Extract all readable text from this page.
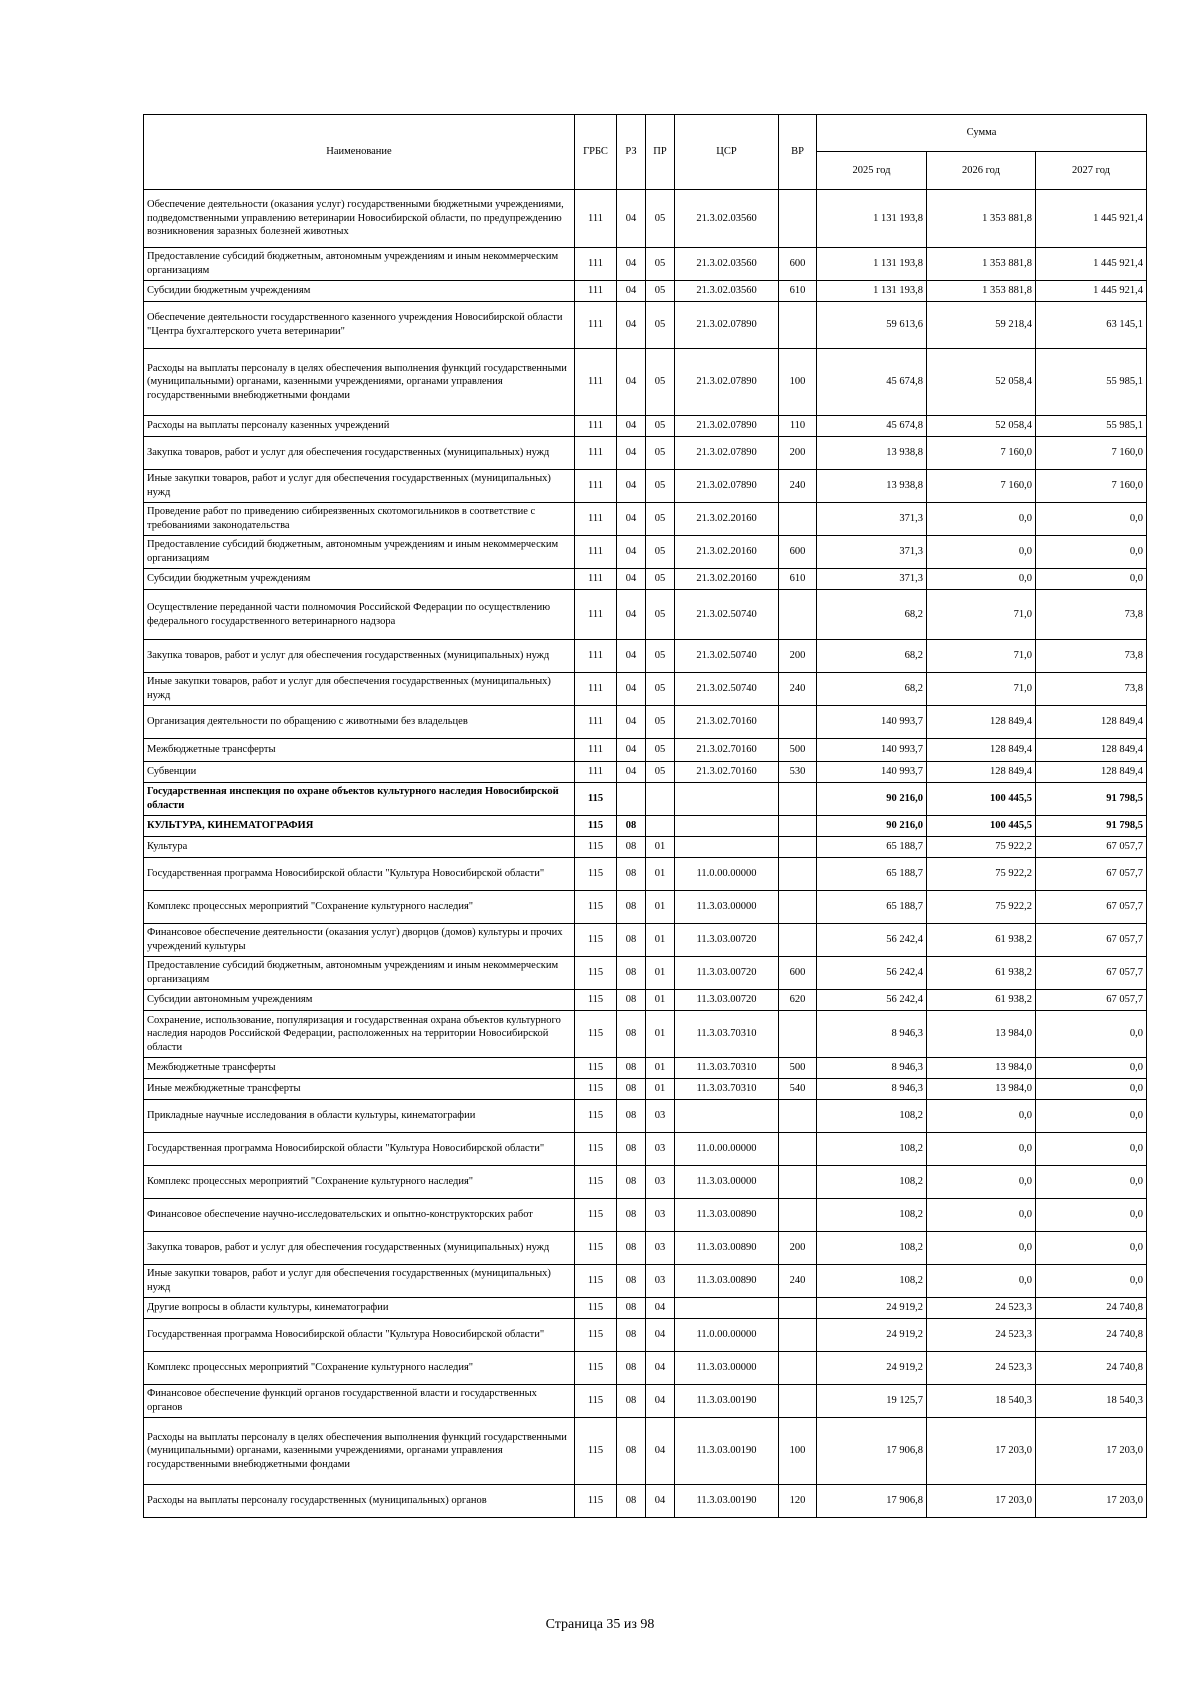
Наименование	ГРБС	РЗ	ПР	ЦСР	ВР	Сумма		
						2025 год	2026 год	2027 год
Обеспечение деятельности (оказания услуг) государственными бюджетными учреждениями, подведомственными управлению ветеринарии Новосибирской области, по предупреждению возникновения заразных болезней животных	111	04	05	21.3.02.03560		1 131 193,8	1 353 881,8	1 445 921,4
Предоставление субсидий бюджетным, автономным учреждениям и иным некоммерческим организациям	111	04	05	21.3.02.03560	600	1 131 193,8	1 353 881,8	1 445 921,4
Субсидии бюджетным учреждениям	111	04	05	21.3.02.03560	610	1 131 193,8	1 353 881,8	1 445 921,4
Обеспечение деятельности государственного казенного учреждения Новосибирской области "Центра бухгалтерского учета ветеринарии"	111	04	05	21.3.02.07890		59 613,6	59 218,4	63 145,1
Расходы на выплаты персоналу в целях обеспечения выполнения функций государственными (муниципальными) органами, казенными учреждениями, органами управления государственными внебюджетными фондами	111	04	05	21.3.02.07890	100	45 674,8	52 058,4	55 985,1
Расходы на выплаты персоналу казенных учреждений	111	04	05	21.3.02.07890	110	45 674,8	52 058,4	55 985,1
Закупка товаров, работ и услуг для обеспечения государственных (муниципальных) нужд	111	04	05	21.3.02.07890	200	13 938,8	7 160,0	7 160,0
Иные закупки товаров, работ и услуг для обеспечения государственных (муниципальных) нужд	111	04	05	21.3.02.07890	240	13 938,8	7 160,0	7 160,0
Проведение работ по приведению сибиреязвенных скотомогильников в соответствие с требованиями законодательства	111	04	05	21.3.02.20160		371,3	0,0	0,0
Предоставление субсидий бюджетным, автономным учреждениям и иным некоммерческим организациям	111	04	05	21.3.02.20160	600	371,3	0,0	0,0
Субсидии бюджетным учреждениям	111	04	05	21.3.02.20160	610	371,3	0,0	0,0
Осуществление переданной части полномочия Российской Федерации по осуществлению федерального государственного ветеринарного надзора	111	04	05	21.3.02.50740		68,2	71,0	73,8
Закупка товаров, работ и услуг для обеспечения государственных (муниципальных) нужд	111	04	05	21.3.02.50740	200	68,2	71,0	73,8
Иные закупки товаров, работ и услуг для обеспечения государственных (муниципальных) нужд	111	04	05	21.3.02.50740	240	68,2	71,0	73,8
Организация деятельности по обращению с животными без владельцев	111	04	05	21.3.02.70160		140 993,7	128 849,4	128 849,4
Межбюджетные трансферты	111	04	05	21.3.02.70160	500	140 993,7	128 849,4	128 849,4
Субвенции	111	04	05	21.3.02.70160	530	140 993,7	128 849,4	128 849,4
Государственная инспекция по охране объектов культурного наследия Новосибирской области	115					90 216,0	100 445,5	91 798,5
КУЛЬТУРА, КИНЕМАТОГРАФИЯ	115	08				90 216,0	100 445,5	91 798,5
Культура	115	08	01			65 188,7	75 922,2	67 057,7
Государственная программа Новосибирской области "Культура Новосибирской области"	115	08	01	11.0.00.00000		65 188,7	75 922,2	67 057,7
Комплекс процессных мероприятий "Сохранение культурного наследия"	115	08	01	11.3.03.00000		65 188,7	75 922,2	67 057,7
Финансовое обеспечение деятельности (оказания услуг) дворцов (домов) культуры и прочих учреждений культуры	115	08	01	11.3.03.00720		56 242,4	61 938,2	67 057,7
Предоставление субсидий бюджетным, автономным учреждениям и иным некоммерческим организациям	115	08	01	11.3.03.00720	600	56 242,4	61 938,2	67 057,7
Субсидии автономным учреждениям	115	08	01	11.3.03.00720	620	56 242,4	61 938,2	67 057,7
Сохранение, использование, популяризация и государственная охрана объектов культурного наследия народов Российской Федерации, расположенных на территории Новосибирской области	115	08	01	11.3.03.70310		8 946,3	13 984,0	0,0
Межбюджетные трансферты	115	08	01	11.3.03.70310	500	8 946,3	13 984,0	0,0
Иные межбюджетные трансферты	115	08	01	11.3.03.70310	540	8 946,3	13 984,0	0,0
Прикладные научные исследования в области культуры, кинематографии	115	08	03			108,2	0,0	0,0
Государственная программа Новосибирской области "Культура Новосибирской области"	115	08	03	11.0.00.00000		108,2	0,0	0,0
Комплекс процессных мероприятий "Сохранение культурного наследия"	115	08	03	11.3.03.00000		108,2	0,0	0,0
Финансовое обеспечение научно-исследовательских и опытно-конструкторских работ	115	08	03	11.3.03.00890		108,2	0,0	0,0
Закупка товаров, работ и услуг для обеспечения государственных (муниципальных) нужд	115	08	03	11.3.03.00890	200	108,2	0,0	0,0
Иные закупки товаров, работ и услуг для обеспечения государственных (муниципальных) нужд	115	08	03	11.3.03.00890	240	108,2	0,0	0,0
Другие вопросы в области культуры, кинематографии	115	08	04			24 919,2	24 523,3	24 740,8
Государственная программа Новосибирской области "Культура Новосибирской области"	115	08	04	11.0.00.00000		24 919,2	24 523,3	24 740,8
Комплекс процессных мероприятий "Сохранение культурного наследия"	115	08	04	11.3.03.00000		24 919,2	24 523,3	24 740,8
Финансовое обеспечение функций органов государственной власти и государственных органов	115	08	04	11.3.03.00190		19 125,7	18 540,3	18 540,3
Расходы на выплаты персоналу в целях обеспечения выполнения функций государственными (муниципальными) органами, казенными учреждениями, органами управления государственными внебюджетными фондами	115	08	04	11.3.03.00190	100	17 906,8	17 203,0	17 203,0
Расходы на выплаты персоналу государственных (муниципальных) органов	115	08	04	11.3.03.00190	120	17 906,8	17 203,0	17 203,0
Страница 35 из 98
